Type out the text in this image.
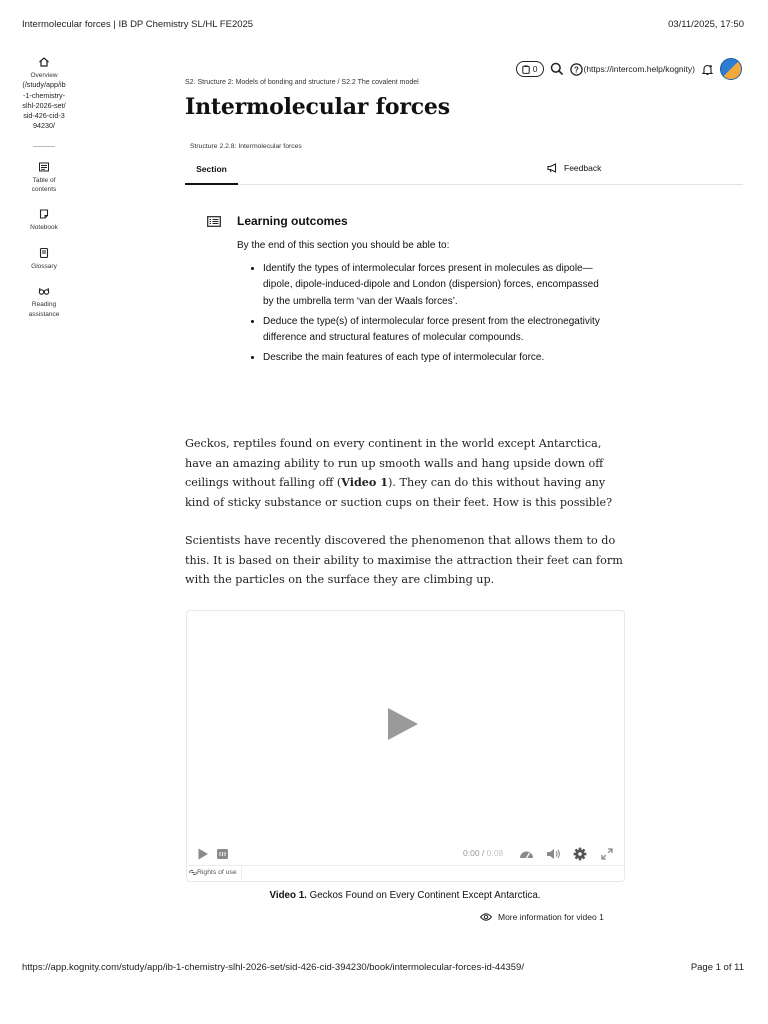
Intermolecular forces | IB DP Chemistry SL/HL FE2025	03/11/2025, 17:50
Overview
(/study/app/ib-1-chemistry-slhl-2026-set/sid-426-cid-394230/
Table of contents
Notebook
Glossary
Reading assistance
0	? (https://intercom.help/kognity)
S2. Structure 2: Models of bonding and structure / S2.2 The covalent model
Intermolecular forces
Structure 2.2.8: Intermolecular forces
Section	Feedback
Learning outcomes
By the end of this section you should be able to:
• Identify the types of intermolecular forces present in molecules as dipole—dipole, dipole-induced-dipole and London (dispersion) forces, encompassed by the umbrella term ‘van der Waals forces’.
• Deduce the type(s) of intermolecular force present from the electronegativity difference and structural features of molecular compounds.
• Describe the main features of each type of intermolecular force.

Geckos, reptiles found on every continent in the world except Antarctica, have an amazing ability to run up smooth walls and hang upside down off ceilings without falling off (Video 1). They can do this without having any kind of sticky substance or suction cups on their feet. How is this possible?

Scientists have recently discovered the phenomenon that allows them to do this. It is based on their ability to maximise the attraction their feet can form with the particles on the surface they are climbing up.

0:00 / 0:08
Rights of use
Video 1. Geckos Found on Every Continent Except Antarctica.
More information for video 1
https://app.kognity.com/study/app/ib-1-chemistry-slhl-2026-set/sid-426-cid-394230/book/intermolecular-forces-id-44359/	Page 1 of 11
